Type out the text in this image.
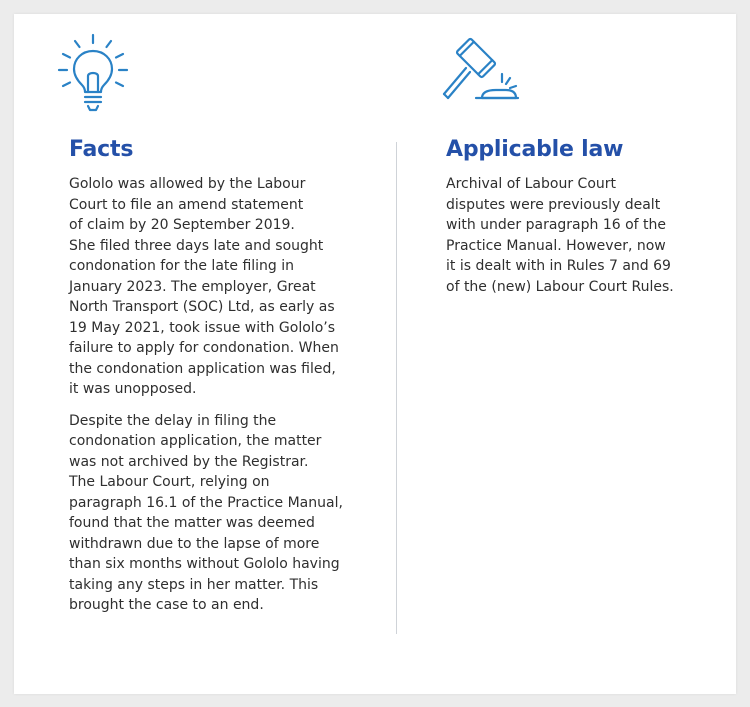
Facts

Gololo was allowed by the Labour
Court to file an amend statement
of claim by 20 September 2019.
She filed three days late and sought
condonation for the late filing in
January 2023. The employer, Great
North Transport (SOC) Ltd, as early as
19 May 2021, took issue with Gololo’s
failure to apply for condonation. When
the condonation application was filed,
it was unopposed.

Despite the delay in filing the
condonation application, the matter
was not archived by the Registrar.
The Labour Court, relying on
paragraph 16.1 of the Practice Manual,
found that the matter was deemed
withdrawn due to the lapse of more
than six months without Gololo having
taking any steps in her matter. This
brought the case to an end.

Applicable law

Archival of Labour Court
disputes were previously dealt
with under paragraph 16 of the
Practice Manual. However, now
it is dealt with in Rules 7 and 69
of the (new) Labour Court Rules.
